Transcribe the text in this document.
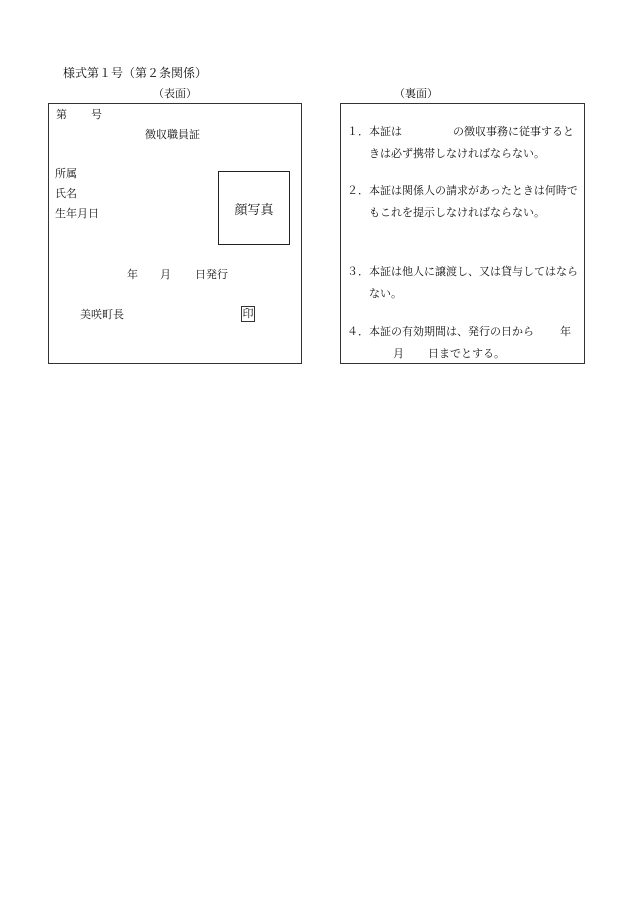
様式第１号（第２条関係）
（表面）	（裏面）
第 号
徴収職員証
所属
氏名
生年月日	顔写真
年 月 日発行
美咲町長	印
１． 本証は	の徴収事務に従事するときは必ず携帯しなければならない。
２． 本証は関係人の請求があったときは何時でもこれを提示しなければならない。
３． 本証は他人に譲渡し、又は貸与してはならない。
４． 本証の有効期間は、発行の日から 年
月 日までとする。
